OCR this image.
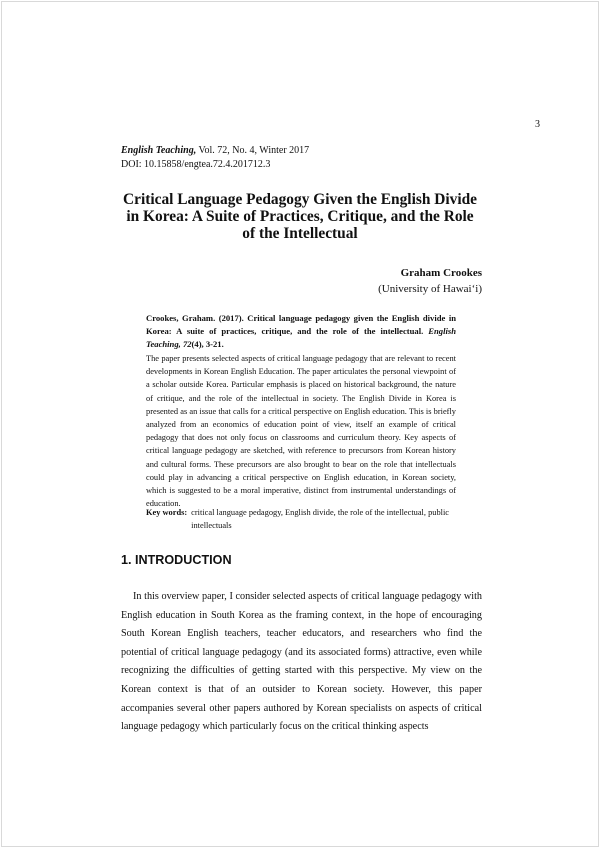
3
English Teaching, Vol. 72, No. 4, Winter 2017
DOI: 10.15858/engtea.72.4.201712.3
Critical Language Pedagogy Given the English Divide in Korea: A Suite of Practices, Critique, and the Role of the Intellectual
Graham Crookes
(University of Hawai‘i)

Crookes, Graham. (2017). Critical language pedagogy given the English divide in Korea: A suite of practices, critique, and the role of the intellectual. English Teaching, 72(4), 3-21.

The paper presents selected aspects of critical language pedagogy that are relevant to recent developments in Korean English Education. The paper articulates the personal viewpoint of a scholar outside Korea. Particular emphasis is placed on historical background, the nature of critique, and the role of the intellectual in society. The English Divide in Korea is presented as an issue that calls for a critical perspective on English education. This is briefly analyzed from an economics of education point of view, itself an example of critical pedagogy that does not only focus on classrooms and curriculum theory. Key aspects of critical language pedagogy are sketched, with reference to precursors from Korean history and cultural forms. These precursors are also brought to bear on the role that intellectuals could play in advancing a critical perspective on English education, in Korean society, which is suggested to be a moral imperative, distinct from instrumental understandings of education.

Key words: critical language pedagogy, English divide, the role of the intellectual, public intellectuals
1. INTRODUCTION

In this overview paper, I consider selected aspects of critical language pedagogy with English education in South Korea as the framing context, in the hope of encouraging South Korean English teachers, teacher educators, and researchers who find the potential of critical language pedagogy (and its associated forms) attractive, even while recognizing the difficulties of getting started with this perspective. My view on the Korean context is that of an outsider to Korean society. However, this paper accompanies several other papers authored by Korean specialists on aspects of critical language pedagogy which particularly focus on the critical thinking aspects
